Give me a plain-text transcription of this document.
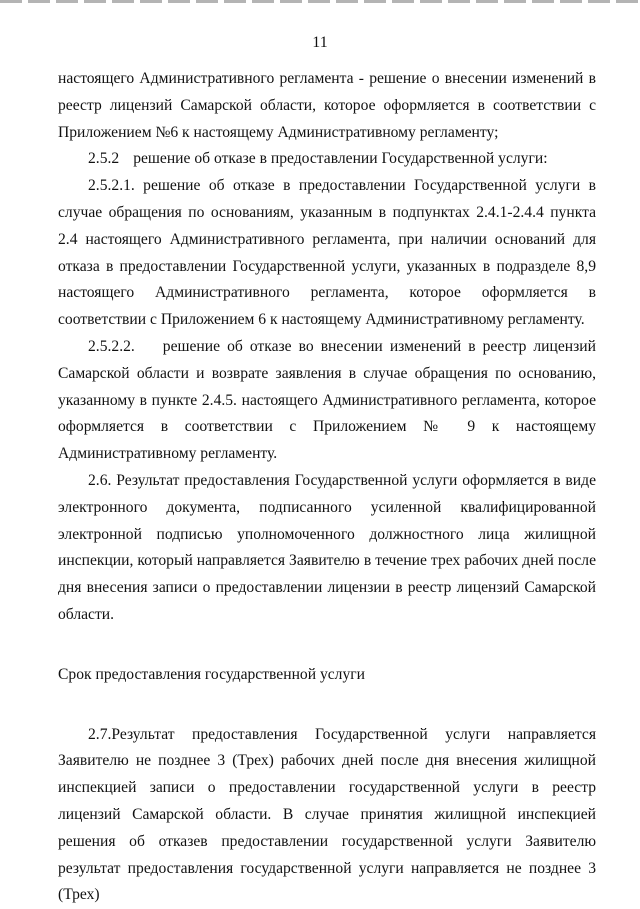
11

настоящего Административного регламента - решение о внесении изменений в реестр лицензий Самарской области, которое оформляется в соответствии с Приложением №6 к настоящему Административному регламенту;

2.5.2 решение об отказе в предоставлении Государственной услуги:

2.5.2.1. решение об отказе в предоставлении Государственной услуги в случае обращения по основаниям, указанным в подпунктах 2.4.1-2.4.4 пункта 2.4 настоящего Административного регламента, при наличии оснований для отказа в предоставлении Государственной услуги, указанных в подразделе 8,9 настоящего Административного регламента, которое оформляется в соответствии с Приложением 6 к настоящему Административному регламенту.

2.5.2.2. решение об отказе во внесении изменений в реестр лицензий Самарской области и возврате заявления в случае обращения по основанию, указанному в пункте 2.4.5. настоящего Административного регламента, которое оформляется в соответствии с Приложением № 9 к настоящему Административному регламенту.

2.6. Результат предоставления Государственной услуги оформляется в виде электронного документа, подписанного усиленной квалифицированной электронной подписью уполномоченного должностного лица жилищной инспекции, который направляется Заявителю в течение трех рабочих дней после дня внесения записи о предоставлении лицензии в реестр лицензий Самарской области.

Срок предоставления государственной услуги

2.7.Результат предоставления Государственной услуги направляется Заявителю не позднее 3 (Трех) рабочих дней после дня внесения жилищной инспекцией записи о предоставлении государственной услуги в реестр лицензий Самарской области. В случае принятия жилищной инспекцией решения об отказев предоставлении государственной услуги Заявителю результат предоставления государственной услуги направляется не позднее 3 (Трех)
